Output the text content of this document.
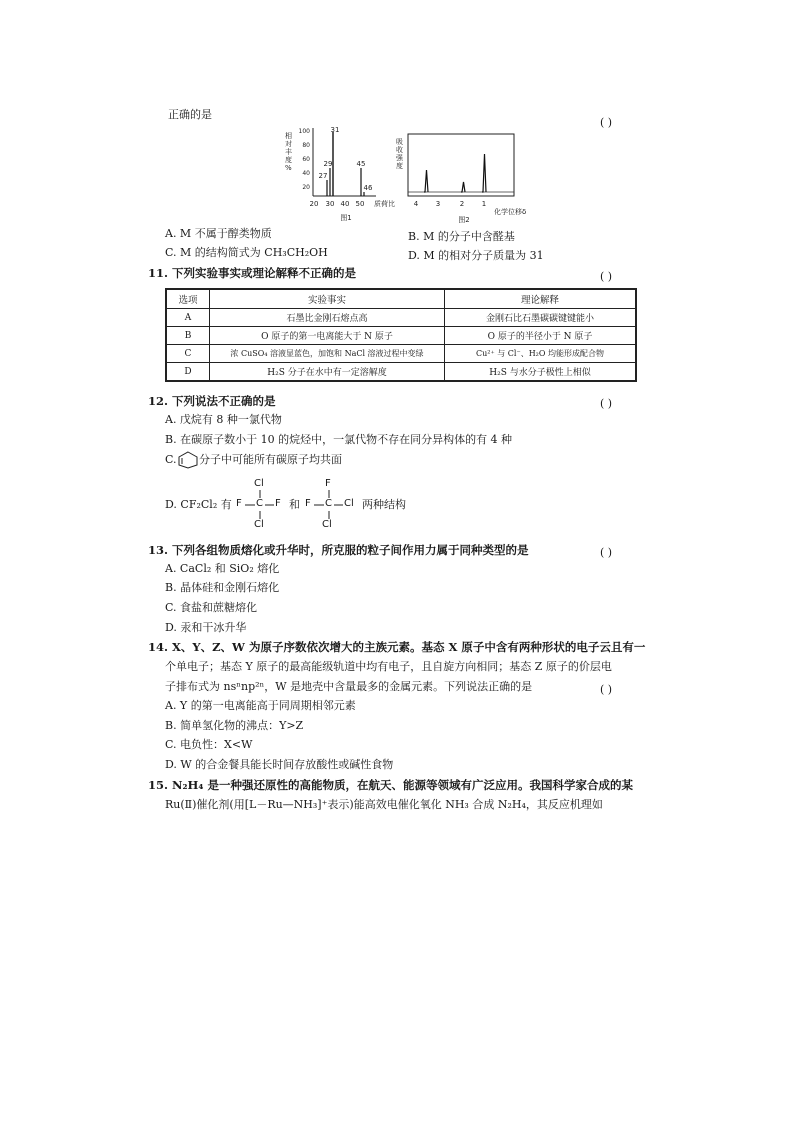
正确的是
( )
相
对
丰
度
%
100
80
60
40
20
27
29
31
45
46
20 30 40 50 质荷比
图1
吸
收
强
度
4	3	2	1
化学位移δ
图2
A. M 不属于醇类物质	B. M 的分子中含醛基
C. M 的结构简式为 CH₃CH₂OH	D. M 的相对分子质量为 31
11. 下列实验事实或理论解释不正确的是	( )
选项	实验事实	理论解释
A	石墨比金刚石熔点高	金刚石比石墨碳碳键键能小
B	O 原子的第一电离能大于 N 原子	O 原子的半径小于 N 原子
C	浓 CuSO₄ 溶液显蓝色，加饱和 NaCl 溶液过程中变绿	Cu²⁺ 与 Cl⁻、H₂O 均能形成配合物
D	H₂S 分子在水中有一定溶解度	H₂S 与水分子极性上相似
12. 下列说法不正确的是	( )
A. 戊烷有 8 种一氯代物
B. 在碳原子数小于 10 的烷烃中，一氯代物不存在同分异构体的有 4 种
C. 分子中可能所有碳原子均共面
D. CF₂Cl₂ 有
Cl
F C F
Cl
和
F
F C Cl
Cl
两种结构
13. 下列各组物质熔化或升华时，所克服的粒子间作用力属于同种类型的是	( )
A. CaCl₂ 和 SiO₂ 熔化
B. 晶体硅和金刚石熔化
C. 食盐和蔗糖熔化
D. 汞和干冰升华
14. X、Y、Z、W 为原子序数依次增大的主族元素。基态 X 原子中含有两种形状的电子云且有一
个单电子；基态 Y 原子的最高能级轨道中均有电子，且自旋方向相同；基态 Z 原子的价层电
子排布式为 nsⁿnp²ⁿ，W 是地壳中含量最多的金属元素。下列说法正确的是	( )
A. Y 的第一电离能高于同周期相邻元素
B. 简单氢化物的沸点：Y>Z
C. 电负性：X<W
D. W 的合金餐具能长时间存放酸性或碱性食物
15. N₂H₄ 是一种强还原性的高能物质，在航天、能源等领域有广泛应用。我国科学家合成的某
Ru(Ⅱ)催化剂(用[L－Ru—NH₃]⁺表示)能高效电催化氧化 NH₃ 合成 N₂H₄，其反应机理如
